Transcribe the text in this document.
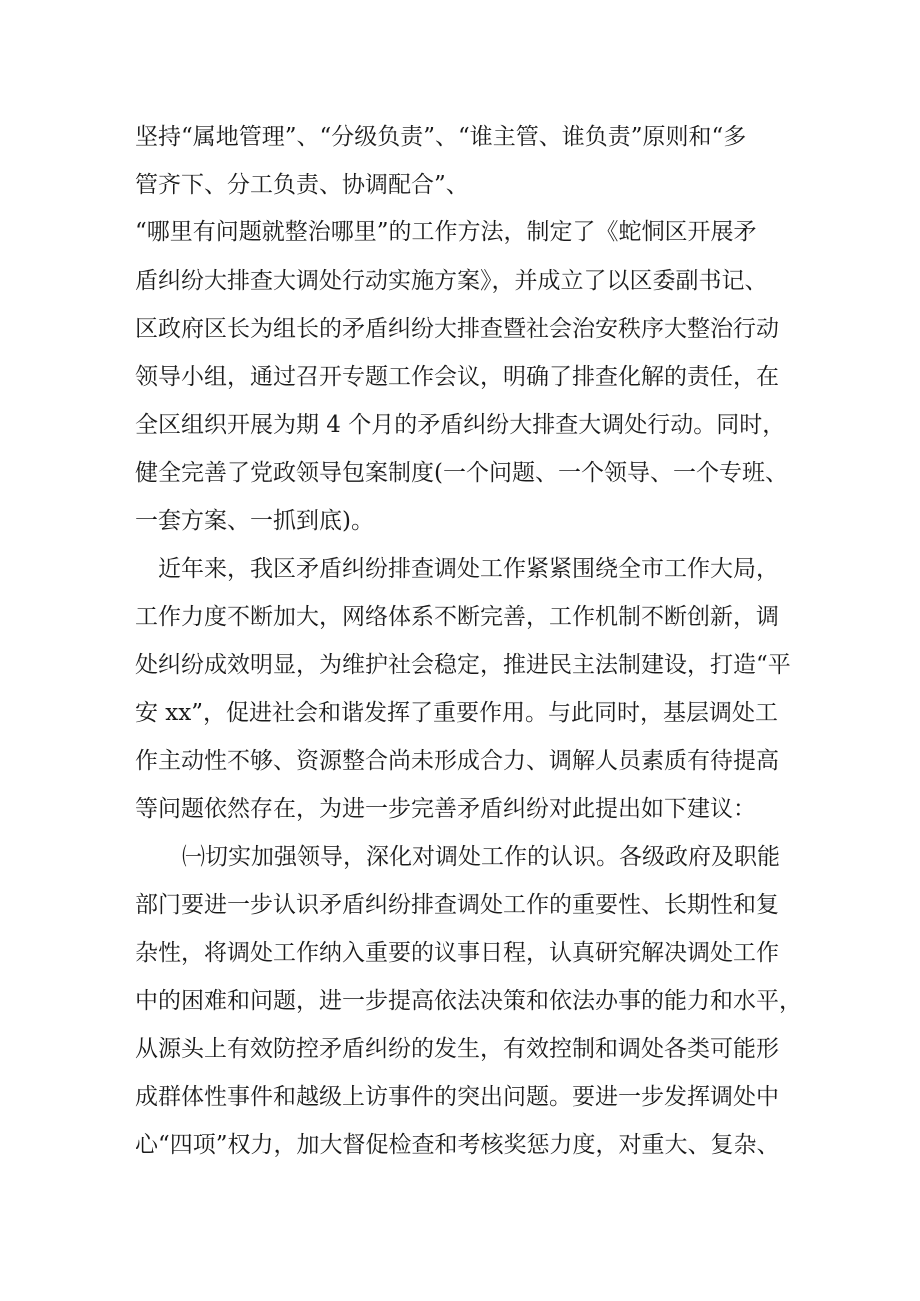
坚持“属地管理”、“分级负责”、“谁主管、谁负责”原则和“多
管齐下、分工负责、协调配合”、
“哪里有问题就整治哪里”的工作方法，制定了《蛇恫区开展矛
盾纠纷大排查大调处行动实施方案》，并成立了以区委副书记、
区政府区长为组长的矛盾纠纷大排查暨社会治安秩序大整治行动
领导小组，通过召开专题工作会议，明确了排查化解的责任，在
全区组织开展为期 4 个月的矛盾纠纷大排查大调处行动。同时，
健全完善了党政领导包案制度(一个问题、一个领导、一个专班、
一套方案、一抓到底)。
近年来，我区矛盾纠纷排查调处工作紧紧围绕全市工作大局，
工作力度不断加大，网络体系不断完善，工作机制不断创新，调
处纠纷成效明显，为维护社会稳定，推进民主法制建设，打造“平
安 xx”，促进社会和谐发挥了重要作用。与此同时，基层调处工
作主动性不够、资源整合尚未形成合力、调解人员素质有待提高
等问题依然存在，为进一步完善矛盾纠纷对此提出如下建议：
㈠切实加强领导，深化对调处工作的认识。各级政府及职能
部门要进一步认识矛盾纠纷排查调处工作的重要性、长期性和复
杂性，将调处工作纳入重要的议事日程，认真研究解决调处工作
中的困难和问题，进一步提高依法决策和依法办事的能力和水平，
从源头上有效防控矛盾纠纷的发生，有效控制和调处各类可能形
成群体性事件和越级上访事件的突出问题。要进一步发挥调处中
心“四项”权力，加大督促检查和考核奖惩力度，对重大、复杂、
